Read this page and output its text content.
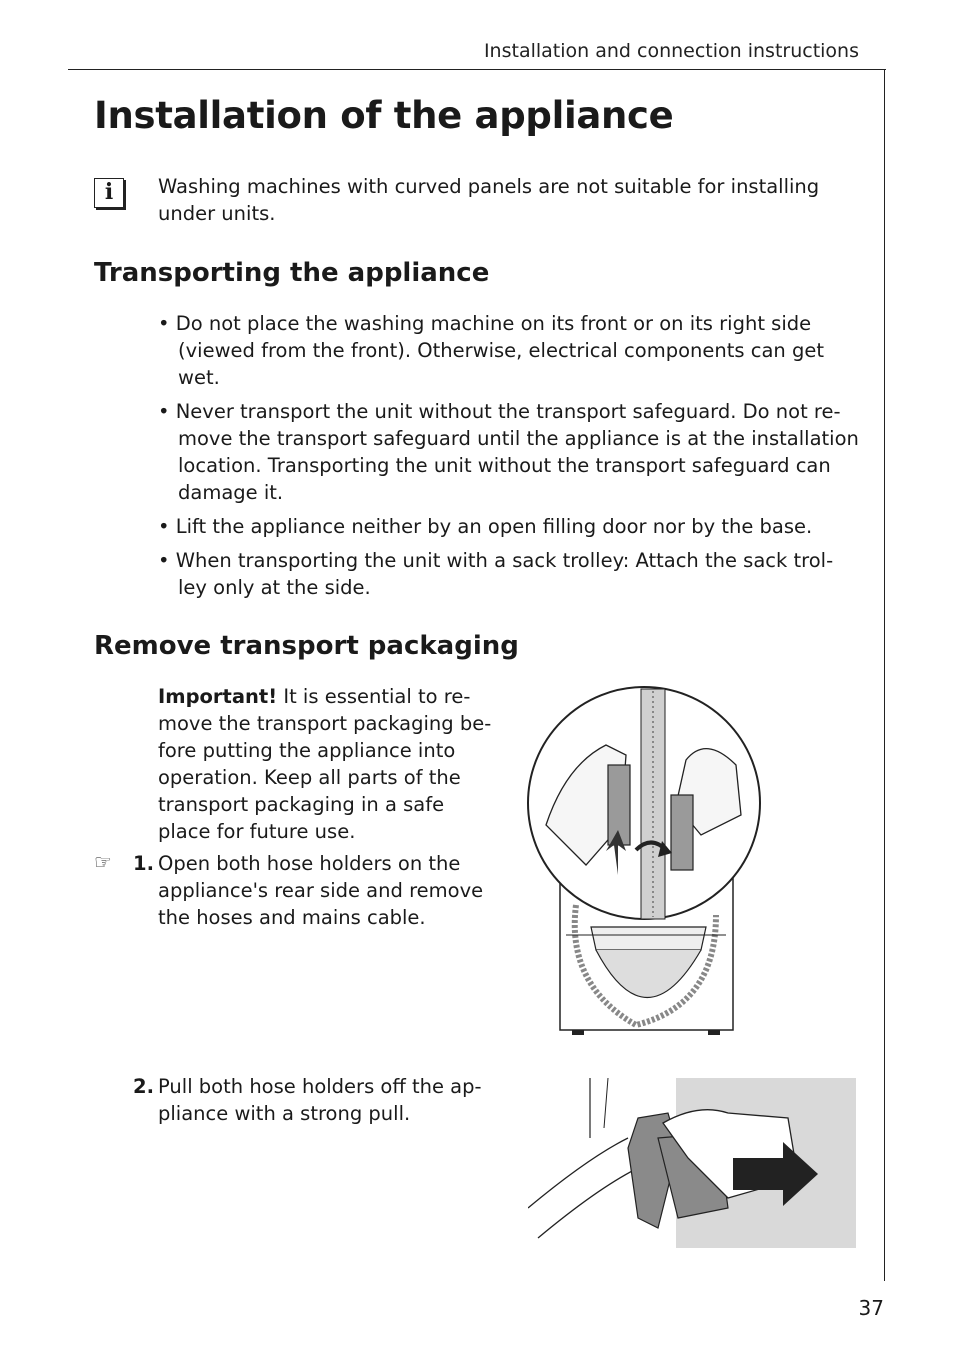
Installation and connection instructions
Installation of the appliance
i	Washing machines with curved panels are not suitable for installing under units.
Transporting the appliance
• Do not place the washing machine on its front or on its right side (viewed from the front). Otherwise, electrical components can get wet.
• Never transport the unit without the transport safeguard. Do not re-move the transport safeguard until the appliance is at the installation location. Transporting the unit without the transport safeguard can damage it.
• Lift the appliance neither by an open filling door nor by the base.
• When transporting the unit with a sack trolley: Attach the sack trol-ley only at the side.
Remove transport packaging
Important! It is essential to re-move the transport packaging be-fore putting the appliance into operation. Keep all parts of the transport packaging in a safe place for future use.
☞ 1. Open both hose holders on the appliance's rear side and remove the hoses and mains cable.
2. Pull both hose holders off the ap-pliance with a strong pull.
37
